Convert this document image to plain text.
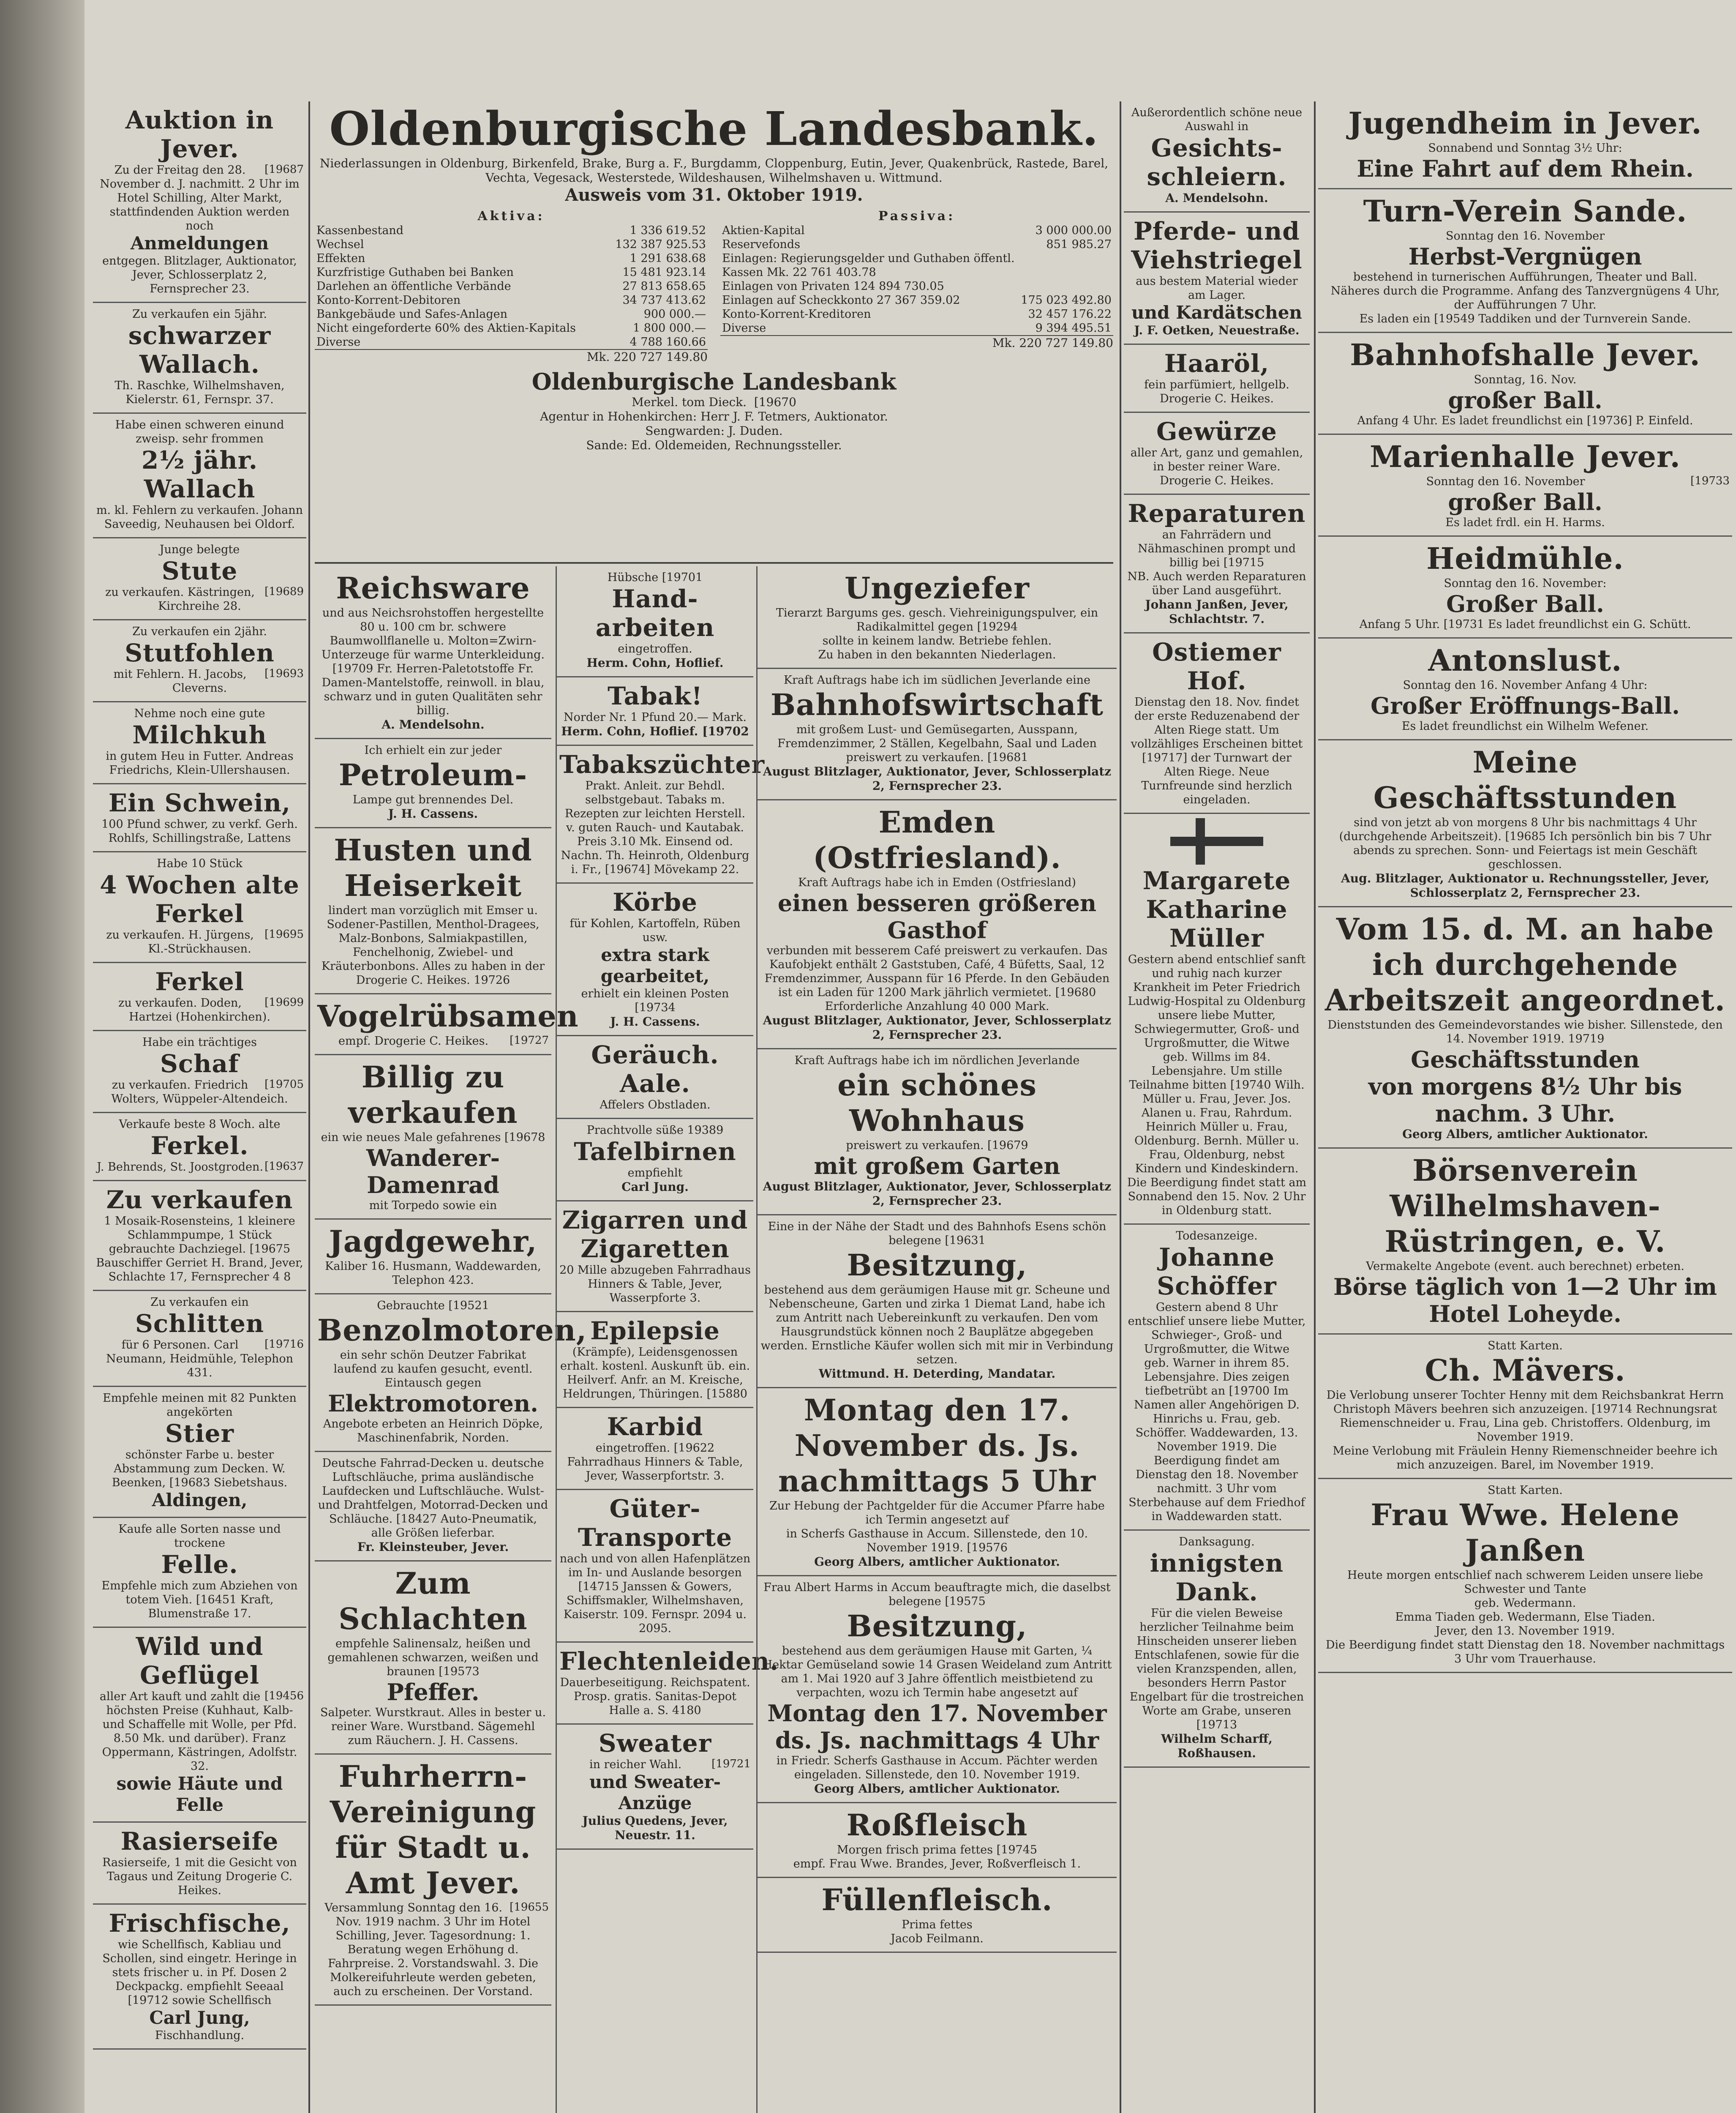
Auktion in Jever.
[19687
Zu der Freitag den 28. November d. J. nachmitt. 2 Uhr im Hotel Schilling, Alter Markt, stattfindenden Auktion werden noch
Anmeldungen
entgegen. Blitzlager, Auktionator, Jever, Schlosserplatz 2, Fernsprecher 23.
Zu verkaufen ein 5jähr.
schwarzer Wallach.
Th. Raschke, Wilhelmshaven, Kielerstr. 61, Fernspr. 37.
Habe einen schweren einund zweisp. sehr frommen
2½ jähr. Wallach
m. kl. Fehlern zu verkaufen. Johann Saveedig, Neuhausen bei Oldorf.
Junge belegte
Stute
[19689
zu verkaufen. Kästringen, Kirchreihe 28.
Zu verkaufen ein 2jähr.
Stutfohlen
[19693
mit Fehlern. H. Jacobs, Cleverns.
Nehme noch eine gute
Milchkuh
in gutem Heu in Futter. Andreas Friedrichs, Klein-Ullershausen.
Ein Schwein,
100 Pfund schwer, zu verkf. Gerh. Rohlfs, Schillingstraße, Lattens
Habe 10 Stück
4 Wochen alte Ferkel
[19695
zu verkaufen. H. Jürgens, Kl.-Strückhausen.
Ferkel
[19699
zu verkaufen. Doden, Hartzei (Hohenkirchen).
Habe ein trächtiges
Schaf
[19705
zu verkaufen. Friedrich Wolters, Wüppeler-Altendeich.
Verkaufe beste 8 Woch. alte
Ferkel.
[19637
J. Behrends, St. Joostgroden.
Zu verkaufen
1 Mosaik-Rosensteins, 1 kleinere Schlammpumpe, 1 Stück gebrauchte Dachziegel. [19675 Bauschiffer Gerriet H. Brand, Jever, Schlachte 17, Fernsprecher 4 8
Zu verkaufen ein
Schlitten
[19716
für 6 Personen. Carl Neumann, Heidmühle, Telephon 431.
Empfehle meinen mit 82 Punkten angekörten
Stier
schönster Farbe u. bester Abstammung zum Decken. W. Beenken, [19683 Siebetshaus.
Aldingen,
Kaufe alle Sorten nasse und trockene
Felle.
Empfehle mich zum Abziehen von totem Vieh. [16451 Kraft, Blumenstraße 17.
Wild und Geflügel
[19456
aller Art kauft und zahlt die höchsten Preise (Kuhhaut, Kalb- und Schaffelle mit Wolle, per Pfd. 8.50 Mk. und darüber). Franz Oppermann, Kästringen, Adolfstr. 32.
sowie Häute und Felle
Rasierseife
Rasierseife, 1 mit die Gesicht von Tagaus und Zeitung Drogerie C. Heikes.
Frischfische,
wie Schellfisch, Kabliau und Schollen, sind eingetr. Heringe in stets frischer u. in Pf. Dosen 2 Deckpackg. empfiehlt Seeaal [19712 sowie Schellfisch
Carl Jung,
Fischhandlung.
Oldenburgische Landesbank.
Niederlassungen in Oldenburg, Birkenfeld, Brake, Burg a. F., Burgdamm, Cloppenburg, Eutin, Jever, Quakenbrück, Rastede, Barel, Vechta, Vegesack, Westerstede, Wildeshausen, Wilhelmshaven u. Wittmund.
Ausweis vom 31. Oktober 1919.
Aktiva:
Kassenbestand	1 336 619.52
Wechsel	132 387 925.53
Effekten	1 291 638.68
Kurzfristige Guthaben bei Banken	15 481 923.14
Darlehen an öffentliche Verbände	27 813 658.65
Konto-Korrent-Debitoren	34 737 413.62
Bankgebäude und Safes-Anlagen	900 000.—
Nicht eingeforderte 60% des Aktien-Kapitals	1 800 000.—
Diverse	4 788 160.66
Mk. 220 727 149.80
Passiva:
Aktien-Kapital	3 000 000.00
Reservefonds	851 985.27
Einlagen: Regierungsgelder und Guthaben öffentl. Kassen Mk. 22 761 403.78	
Einlagen von Privaten 124 894 730.05	
Einlagen auf Scheckkonto 27 367 359.02	175 023 492.80
Konto-Korrent-Kreditoren	32 457 176.22
Diverse	9 394 495.51
Mk. 220 727 149.80
Oldenburgische Landesbank
Merkel. tom Dieck. [19670
Agentur in Hohenkirchen: Herr J. F. Tetmers, Auktionator.
Sengwarden: J. Duden.
Sande: Ed. Oldemeiden, Rechnungssteller.
Reichsware
und aus Neichsrohstoffen hergestellte 80 u. 100 cm br. schwere Baumwollflanelle u. Molton=Zwirn-Unterzeuge für warme Unterkleidung. [19709 Fr. Herren-Paletotstoffe Fr. Damen-Mantelstoffe, reinwoll. in blau, schwarz und in guten Qualitäten sehr billig.
A. Mendelsohn.
Ich erhielt ein zur jeder
Petroleum-
Lampe gut brennendes Del.
J. H. Cassens.
Husten und Heiserkeit
lindert man vorzüglich mit Emser u. Sodener-Pastillen, Menthol-Dragees, Malz-Bonbons, Salmiakpastillen, Fenchelhonig, Zwiebel- und Kräuterbonbons. Alles zu haben in der Drogerie C. Heikes. 19726
Vogelrübsamen
[19727
empf. Drogerie C. Heikes.
Billig zu verkaufen
ein wie neues Male gefahrenes [19678
Wanderer-Damenrad
mit Torpedo sowie ein
Jagdgewehr,
Kaliber 16. Husmann, Waddewarden, Telephon 423.
Gebrauchte [19521
Benzolmotoren,
ein sehr schön Deutzer Fabrikat laufend zu kaufen gesucht, eventl. Eintausch gegen
Elektromotoren.
Angebote erbeten an Heinrich Döpke, Maschinenfabrik, Norden.
Deutsche Fahrrad-Decken u. deutsche Luftschläuche, prima ausländische Laufdecken und Luftschläuche. Wulst- und Drahtfelgen, Motorrad-Decken und Schläuche. [18427 Auto-Pneumatik, alle Größen lieferbar.
Fr. Kleinsteuber, Jever.
Zum Schlachten
empfehle Salinensalz, heißen und gemahlenen schwarzen, weißen und braunen [19573
Pfeffer.
Salpeter. Wurstkraut. Alles in bester u. reiner Ware. Wurstband. Sägemehl zum Räuchern. J. H. Cassens.
Fuhrherrn-Vereinigung für Stadt u. Amt Jever.
[19655
Versammlung Sonntag den 16. Nov. 1919 nachm. 3 Uhr im Hotel Schilling, Jever. Tagesordnung: 1. Beratung wegen Erhöhung d. Fahrpreise. 2. Vorstandswahl. 3. Die Molkereifuhrleute werden gebeten, auch zu erscheinen. Der Vorstand.
Hübsche [19701
Hand-arbeiten
eingetroffen.
Herm. Cohn, Hoflief.
Tabak!
Norder Nr. 1 Pfund 20.— Mark.
Herm. Cohn, Hoflief. [19702
Tabakszüchter
Prakt. Anleit. zur Behdl. selbstgebaut. Tabaks m. Rezepten zur leichten Herstell. v. guten Rauch- und Kautabak. Preis 3.10 Mk. Einsend od. Nachn. Th. Heinroth, Oldenburg i. Fr., [19674] Mövekamp 22.
Körbe
für Kohlen, Kartoffeln, Rüben usw.
extra stark gearbeitet,
erhielt ein kleinen Posten [19734
J. H. Cassens.
Geräuch. Aale.
Affelers Obstladen.
Prachtvolle süße 19389
Tafelbirnen
empfiehlt
Carl Jung.
Zigarren und Zigaretten
20 Mille abzugeben Fahrradhaus Hinners & Table, Jever, Wasserpforte 3.
Epilepsie
(Krämpfe), Leidensgenossen erhalt. kostenl. Auskunft üb. ein. Heilverf. Anfr. an M. Kreische, Heldrungen, Thüringen. [15880
Karbid
eingetroffen. [19622 Fahrradhaus Hinners & Table, Jever, Wasserpfortstr. 3.
Güter-Transporte
nach und von allen Hafenplätzen im In- und Auslande besorgen [14715 Janssen & Gowers, Schiffsmakler, Wilhelmshaven, Kaiserstr. 109. Fernspr. 2094 u. 2095.
Flechtenleiden.
Dauerbeseitigung. Reichspatent. Prosp. gratis. Sanitas-Depot Halle a. S. 4180
Sweater
[19721
in reicher Wahl.
und Sweater-Anzüge
Julius Quedens, Jever, Neuestr. 11.
Ungeziefer
Tierarzt Bargums ges. gesch. Viehreinigungspulver, ein Radikalmittel gegen [19294
sollte in keinem landw. Betriebe fehlen.
Zu haben in den bekannten Niederlagen.
Kraft Auftrags habe ich im südlichen Jeverlande eine
Bahnhofswirtschaft
mit großem Lust- und Gemüsegarten, Ausspann, Fremdenzimmer, 2 Ställen, Kegelbahn, Saal und Laden preiswert zu verkaufen. [19681
August Blitzlager, Auktionator, Jever, Schlosserplatz 2, Fernsprecher 23.
Emden (Ostfriesland).
Kraft Auftrags habe ich in Emden (Ostfriesland)
einen besseren größeren
Gasthof
verbunden mit besserem Café preiswert zu verkaufen. Das Kaufobjekt enthält 2 Gaststuben, Café, 4 Büfetts, Saal, 12 Fremdenzimmer, Ausspann für 16 Pferde. In den Gebäuden ist ein Laden für 1200 Mark jährlich vermietet. [19680 Erforderliche Anzahlung 40 000 Mark.
August Blitzlager, Auktionator, Jever, Schlosserplatz 2, Fernsprecher 23.
Kraft Auftrags habe ich im nördlichen Jeverlande
ein schönes Wohnhaus
preiswert zu verkaufen. [19679
mit großem Garten
August Blitzlager, Auktionator, Jever, Schlosserplatz 2, Fernsprecher 23.
Eine in der Nähe der Stadt und des Bahnhofs Esens schön belegene [19631
Besitzung,
bestehend aus dem geräumigen Hause mit gr. Scheune und Nebenscheune, Garten und zirka 1 Diemat Land, habe ich zum Antritt nach Uebereinkunft zu verkaufen. Den vom Hausgrundstück können noch 2 Bauplätze abgegeben werden. Ernstliche Käufer wollen sich mit mir in Verbindung setzen.
Wittmund. H. Deterding, Mandatar.
Montag den 17. November ds. Js. nachmittags 5 Uhr
Zur Hebung der Pachtgelder für die Accumer Pfarre habe ich Termin angesetzt auf
in Scherfs Gasthause in Accum. Sillenstede, den 10. November 1919. [19576
Georg Albers, amtlicher Auktionator.
Frau Albert Harms in Accum beauftragte mich, die daselbst belegene [19575
Besitzung,
bestehend aus dem geräumigen Hause mit Garten, ¼ Hektar Gemüseland sowie 14 Grasen Weideland zum Antritt am 1. Mai 1920 auf 3 Jahre öffentlich meistbietend zu verpachten, wozu ich Termin habe angesetzt auf
Montag den 17. November ds. Js. nachmittags 4 Uhr
in Friedr. Scherfs Gasthause in Accum. Pächter werden eingeladen. Sillenstede, den 10. November 1919.
Georg Albers, amtlicher Auktionator.
Roßfleisch
Morgen frisch prima fettes [19745
empf. Frau Wwe. Brandes, Jever, Roßverfleisch 1.
Füllenfleisch.
Prima fettes
Jacob Feilmann.
Außerordentlich schöne neue Auswahl in
Gesichts-schleiern.
A. Mendelsohn.
Pferde- und Viehstriegel
aus bestem Material wieder am Lager.
und Kardätschen
J. F. Oetken, Neuestraße.
Haaröl,
fein parfümiert, hellgelb. Drogerie C. Heikes.
Gewürze
aller Art, ganz und gemahlen, in bester reiner Ware. Drogerie C. Heikes.
Reparaturen
an Fahrrädern und Nähmaschinen prompt und billig bei [19715
NB. Auch werden Reparaturen über Land ausgeführt.
Johann Janßen, Jever, Schlachtstr. 7.
Ostiemer Hof.
Dienstag den 18. Nov. findet der erste Reduzenabend der Alten Riege statt. Um vollzähliges Erscheinen bittet [19717] der Turnwart der Alten Riege. Neue Turnfreunde sind herzlich eingeladen.
Margarete Katharine Müller
Gestern abend entschlief sanft und ruhig nach kurzer Krankheit im Peter Friedrich Ludwig-Hospital zu Oldenburg unsere liebe Mutter, Schwiegermutter, Groß- und Urgroßmutter, die Witwe
geb. Willms im 84. Lebensjahre. Um stille Teilnahme bitten [19740 Wilh. Müller u. Frau, Jever. Jos. Alanen u. Frau, Rahrdum. Heinrich Müller u. Frau, Oldenburg. Bernh. Müller u. Frau, Oldenburg, nebst Kindern und Kindeskindern. Die Beerdigung findet statt am Sonnabend den 15. Nov. 2 Uhr in Oldenburg statt.
Todesanzeige.
Johanne Schöffer
Gestern abend 8 Uhr entschlief unsere liebe Mutter, Schwieger-, Groß- und Urgroßmutter, die Witwe
geb. Warner in ihrem 85. Lebensjahre. Dies zeigen tiefbetrübt an [19700 Im Namen aller Angehörigen D. Hinrichs u. Frau, geb. Schöffer. Waddewarden, 13. November 1919. Die Beerdigung findet am Dienstag den 18. November nachmitt. 3 Uhr vom Sterbehause auf dem Friedhof in Waddewarden statt.
Danksagung.
innigsten Dank.
Für die vielen Beweise herzlicher Teilnahme beim Hinscheiden unserer lieben Entschlafenen, sowie für die vielen Kranzspenden, allen, besonders Herrn Pastor Engelbart für die trostreichen Worte am Grabe, unseren [19713
Wilhelm Scharff, Roßhausen.
Jugendheim in Jever.
Sonnabend und Sonntag 3½ Uhr:
Eine Fahrt auf dem Rhein.
Turn-Verein Sande.
Sonntag den 16. November
Herbst-Vergnügen
bestehend in turnerischen Aufführungen, Theater und Ball.
Näheres durch die Programme. Anfang des Tanzvergnügens 4 Uhr, der Aufführungen 7 Uhr.
Es laden ein [19549 Taddiken und der Turnverein Sande.
Bahnhofshalle Jever.
Sonntag, 16. Nov.
großer Ball.
Anfang 4 Uhr. Es ladet freundlichst ein [19736] P. Einfeld.
Marienhalle Jever.
[19733
Sonntag den 16. November
großer Ball.
Es ladet frdl. ein H. Harms.
Heidmühle.
Sonntag den 16. November:
Großer Ball.
Anfang 5 Uhr. [19731 Es ladet freundlichst ein G. Schütt.
Antonslust.
Sonntag den 16. November Anfang 4 Uhr:
Großer Eröffnungs-Ball.
Es ladet freundlichst ein Wilhelm Wefener.
Meine Geschäftsstunden
sind von jetzt ab von morgens 8 Uhr bis nachmittags 4 Uhr (durchgehende Arbeitszeit). [19685 Ich persönlich bin bis 7 Uhr abends zu sprechen. Sonn- und Feiertags ist mein Geschäft geschlossen.
Aug. Blitzlager, Auktionator u. Rechnungssteller, Jever, Schlosserplatz 2, Fernsprecher 23.
Vom 15. d. M. an habe ich durchgehende Arbeitszeit angeordnet.
Dienststunden des Gemeindevorstandes wie bisher. Sillenstede, den 14. November 1919. 19719
Geschäftsstunden
von morgens 8½ Uhr bis nachm. 3 Uhr.
Georg Albers, amtlicher Auktionator.
Börsenverein Wilhelmshaven-Rüstringen, e. V.
Vermakelte Angebote (event. auch berechnet) erbeten.
Börse täglich von 1—2 Uhr im Hotel Loheyde.
Statt Karten.
Ch. Mävers.
Die Verlobung unserer Tochter Henny mit dem Reichsbankrat Herrn Christoph Mävers beehren sich anzuzeigen. [19714 Rechnungsrat Riemenschneider u. Frau, Lina geb. Christoffers. Oldenburg, im November 1919.
Meine Verlobung mit Fräulein Henny Riemenschneider beehre ich mich anzuzeigen. Barel, im November 1919.
Statt Karten.
Frau Wwe. Helene Janßen
Heute morgen entschlief nach schwerem Leiden unsere liebe Schwester und Tante
geb. Wedermann.
Emma Tiaden geb. Wedermann, Else Tiaden.
Jever, den 13. November 1919.
Die Beerdigung findet statt Dienstag den 18. November nachmittags 3 Uhr vom Trauerhause.
